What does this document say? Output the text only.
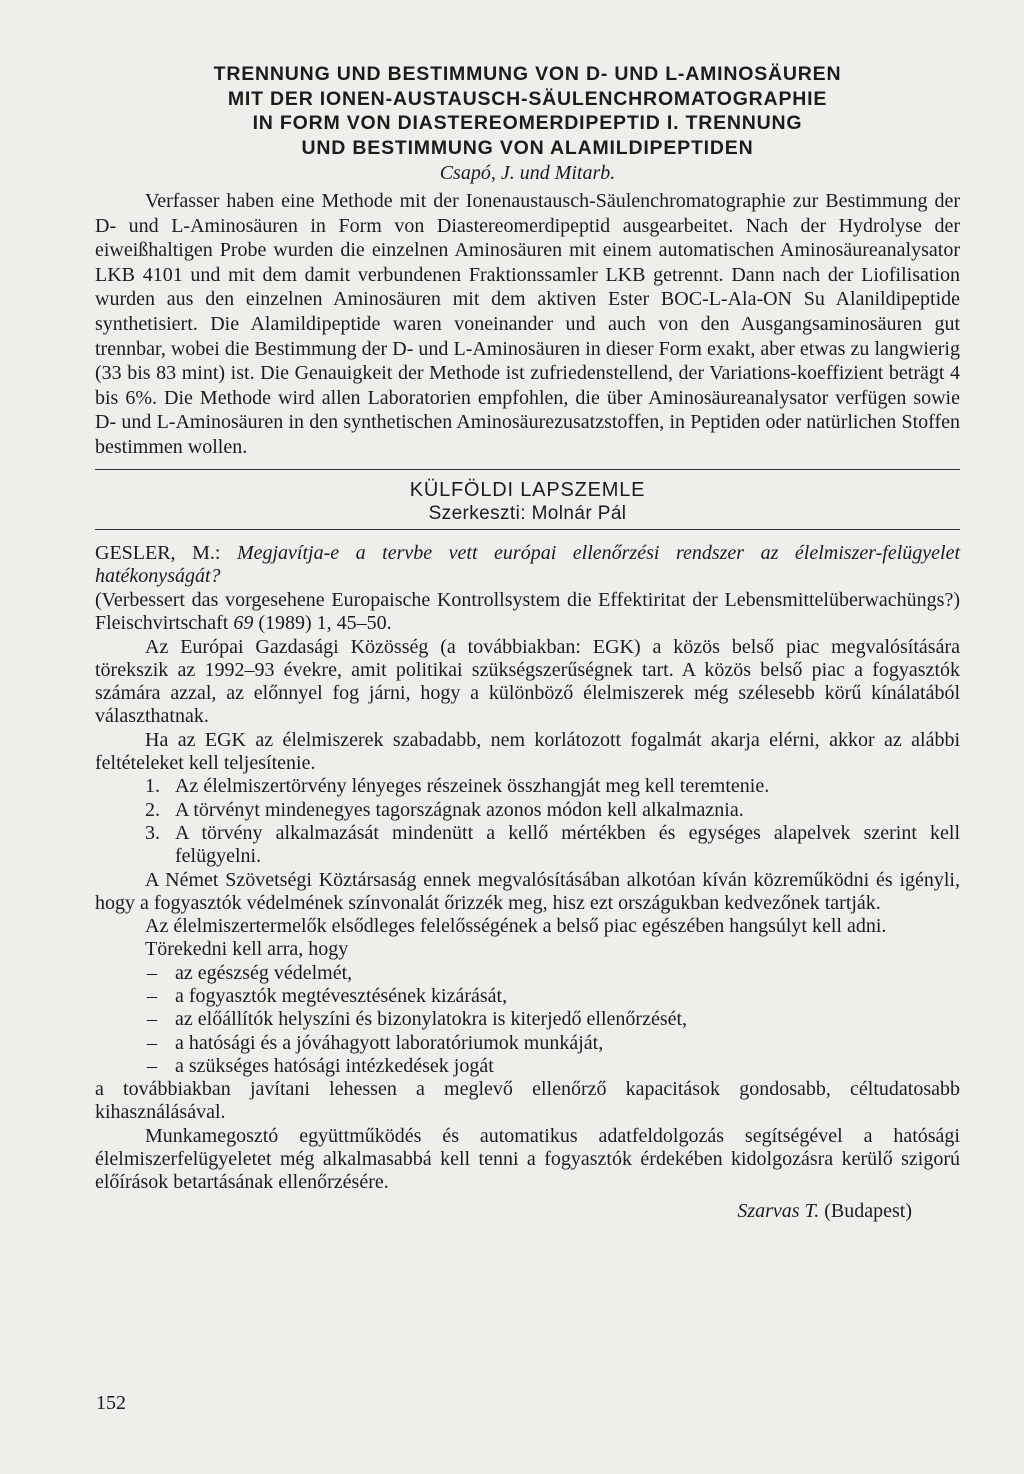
TRENNUNG UND BESTIMMUNG VON D- UND L-AMINOSÄUREN
MIT DER IONEN-AUSTAUSCH-SÄULENCHROMATOGRAPHIE
IN FORM VON DIASTEREOMERDIPEPTID I. TRENNUNG
UND BESTIMMUNG VON ALAMILDIPEPTIDEN
Csapó, J. und Mitarb.

Verfasser haben eine Methode mit der Ionenaustausch-Säulenchromatographie zur Bestimmung der D- und L-Aminosäuren in Form von Diastereomerdipeptid ausgearbeitet. Nach der Hydrolyse der eiweißhaltigen Probe wurden die einzelnen Aminosäuren mit einem automatischen Aminosäureanalysator LKB 4101 und mit dem damit verbundenen Fraktionssamler LKB getrennt. Dann nach der Liofilisation wurden aus den einzelnen Aminosäuren mit dem aktiven Ester BOC-L-Ala-ON Su Alanildipeptide synthetisiert. Die Alamildipeptide waren voneinander und auch von den Ausgangsaminosäuren gut trennbar, wobei die Bestimmung der D- und L-Aminosäuren in dieser Form exakt, aber etwas zu langwierig (33 bis 83 mint) ist. Die Genauigkeit der Methode ist zufriedenstellend, der Variations-koeffizient beträgt 4 bis 6%. Die Methode wird allen Laboratorien empfohlen, die über Aminosäureanalysator verfügen sowie D- und L-Aminosäuren in den synthetischen Aminosäurezusatzstoffen, in Peptiden oder natürlichen Stoffen bestimmen wollen.

KÜLFÖLDI LAPSZEMLE
Szerkeszti: Molnár Pál

GESLER, M.: Megjavítja-e a tervbe vett európai ellenőrzési rendszer az élelmiszer-felügyelet hatékonyságát?

(Verbessert das vorgesehene Europaische Kontrollsystem die Effektiritat der Lebensmittelüberwachüngs?) Fleischvirtschaft 69 (1989) 1, 45–50.

Az Európai Gazdasági Közösség (a továbbiakban: EGK) a közös belső piac megvalósítására törekszik az 1992–93 évekre, amit politikai szükségszerűségnek tart. A közös belső piac a fogyasztók számára azzal, az előnnyel fog járni, hogy a különböző élelmiszerek még szélesebb körű kínálatából választhatnak.

Ha az EGK az élelmiszerek szabadabb, nem korlátozott fogalmát akarja elérni, akkor az alábbi feltételeket kell teljesítenie.

1. Az élelmiszertörvény lényeges részeinek összhangját meg kell teremtenie.
2. A törvényt mindenegyes tagországnak azonos módon kell alkalmaznia.
3. A törvény alkalmazását mindenütt a kellő mértékben és egységes alapelvek szerint kell felügyelni.

A Német Szövetségi Köztársaság ennek megvalósításában alkotóan kíván közreműködni és igényli, hogy a fogyasztók védelmének színvonalát őrizzék meg, hisz ezt országukban kedvezőnek tartják.

Az élelmiszertermelők elsődleges felelősségének a belső piac egészében hangsúlyt kell adni.

Törekedni kell arra, hogy

– az egészség védelmét,
– a fogyasztók megtévesztésének kizárását,
– az előállítók helyszíni és bizonylatokra is kiterjedő ellenőrzését,
– a hatósági és a jóváhagyott laboratóriumok munkáját,
– a szükséges hatósági intézkedések jogát

a továbbiakban javítani lehessen a meglevő ellenőrző kapacitások gondosabb, céltudatosabb kihasználásával.

Munkamegosztó együttműködés és automatikus adatfeldolgozás segítségével a hatósági élelmiszerfelügyeletet még alkalmasabbá kell tenni a fogyasztók érdekében kidolgozásra kerülő szigorú előírások betartásának ellenőrzésére.

Szarvas T. (Budapest)
152
